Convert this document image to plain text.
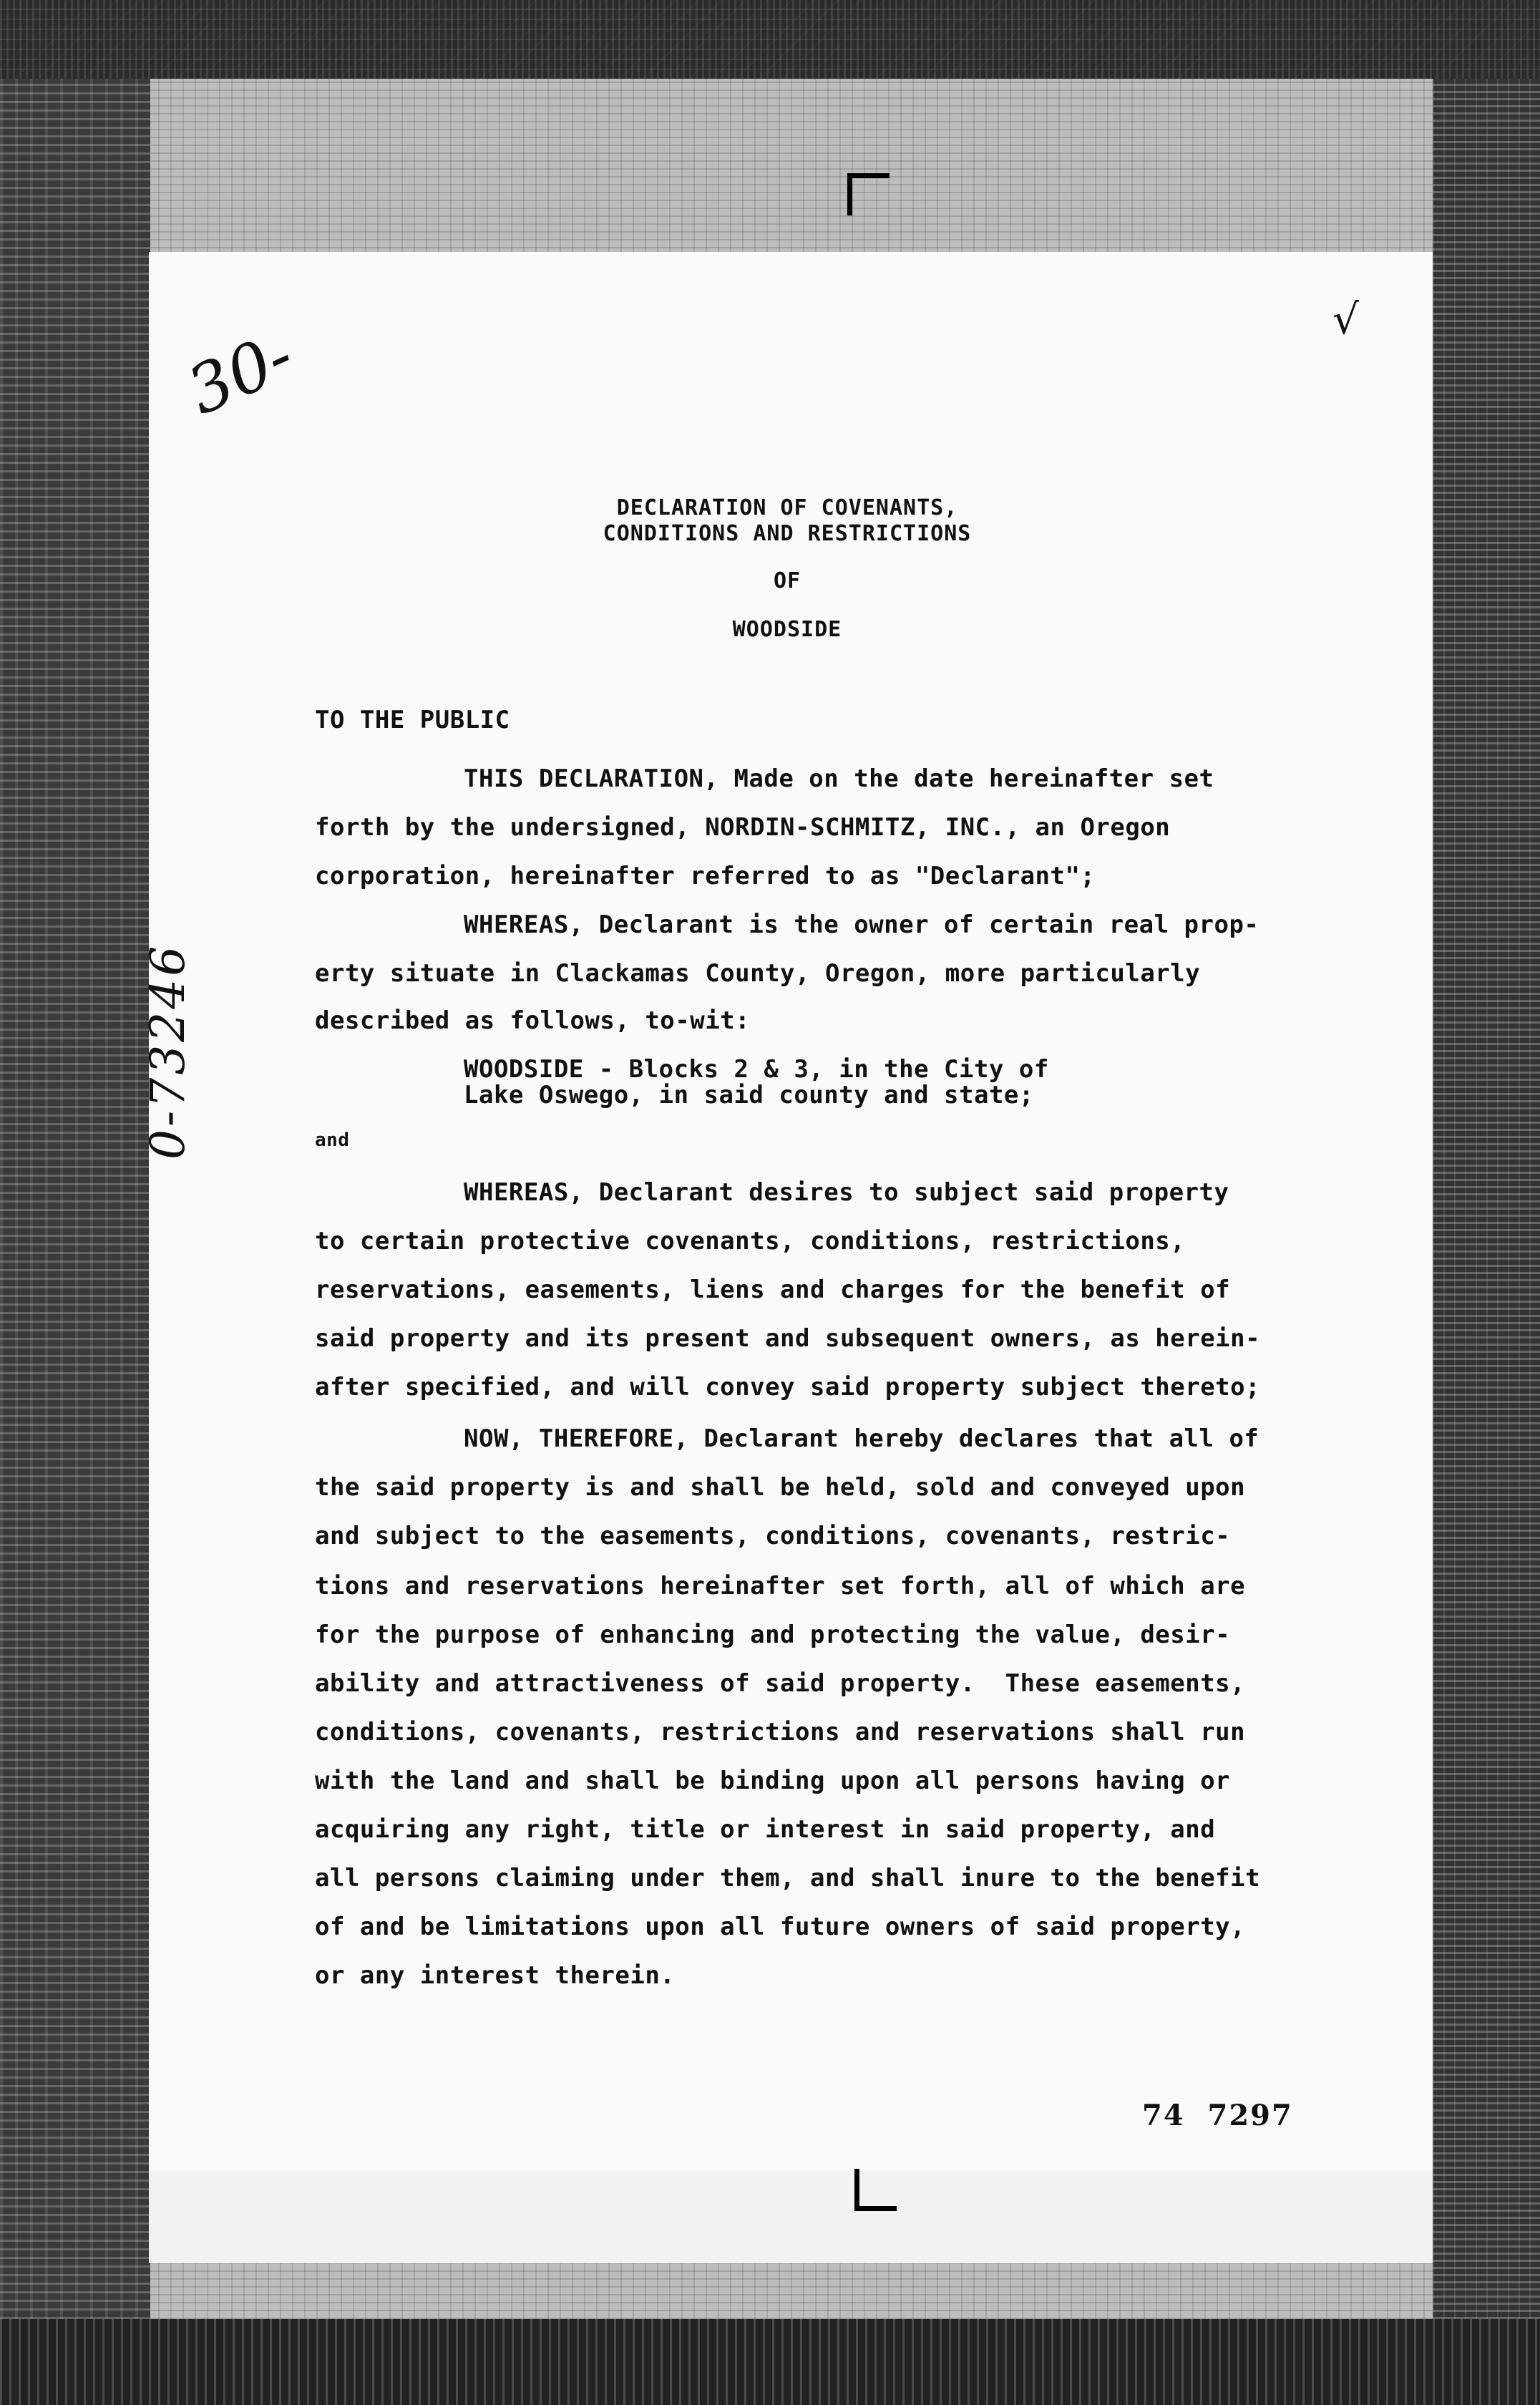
30-
0-73246
√
DECLARATION OF COVENANTS,
CONDITIONS AND RESTRICTIONS
OF
WOODSIDE
TO THE PUBLIC
THIS DECLARATION, Made on the date hereinafter set
forth by the undersigned, NORDIN-SCHMITZ, INC., an Oregon
corporation, hereinafter referred to as "Declarant";
WHEREAS, Declarant is the owner of certain real prop-
erty situate in Clackamas County, Oregon, more particularly
described as follows, to-wit:
WOODSIDE - Blocks 2 & 3, in the City of
Lake Oswego, in said county and state;
and
WHEREAS, Declarant desires to subject said property
to certain protective covenants, conditions, restrictions,
reservations, easements, liens and charges for the benefit of
said property and its present and subsequent owners, as herein-
after specified, and will convey said property subject thereto;
NOW, THEREFORE, Declarant hereby declares that all of
the said property is and shall be held, sold and conveyed upon
and subject to the easements, conditions, covenants, restric-
tions and reservations hereinafter set forth, all of which are
for the purpose of enhancing and protecting the value, desir-
ability and attractiveness of said property.  These easements,
conditions, covenants, restrictions and reservations shall run
with the land and shall be binding upon all persons having or
acquiring any right, title or interest in said property, and
all persons claiming under them, and shall inure to the benefit
of and be limitations upon all future owners of said property,
or any interest therein.
74  7297
